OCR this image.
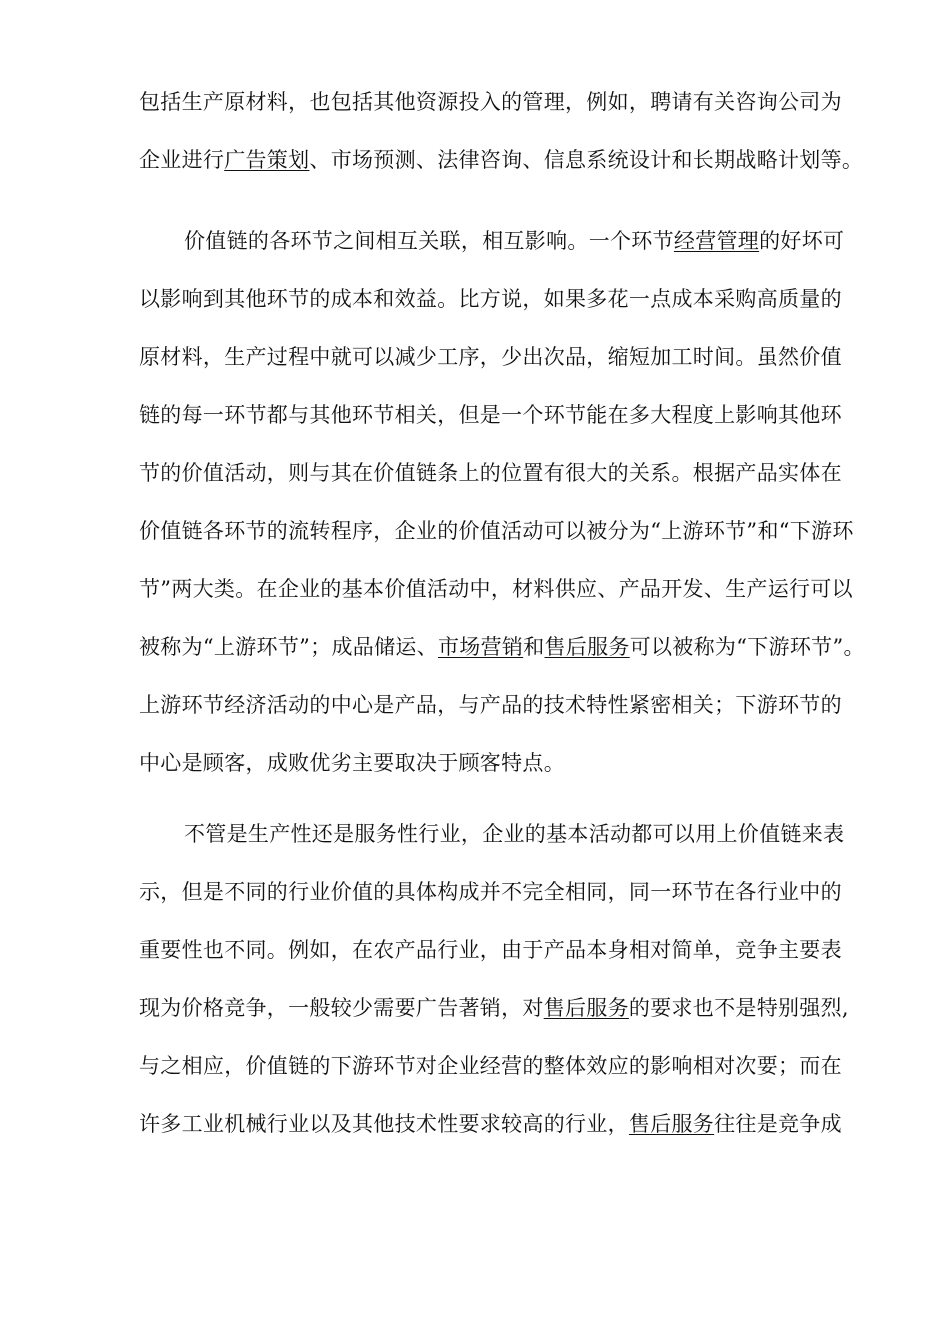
包括生产原材料，也包括其他资源投入的管理，例如，聘请有关咨询公司为
企业进行广告策划、市场预测、法律咨询、信息系统设计和长期战略计划等。
价值链的各环节之间相互关联，相互影响。一个环节经营管理的好坏可
以影响到其他环节的成本和效益。比方说，如果多花一点成本采购高质量的
原材料，生产过程中就可以减少工序，少出次品，缩短加工时间。虽然价值
链的每一环节都与其他环节相关，但是一个环节能在多大程度上影响其他环
节的价值活动，则与其在价值链条上的位置有很大的关系。根据产品实体在
价值链各环节的流转程序，企业的价值活动可以被分为“上游环节”和“下游环
节”两大类。在企业的基本价值活动中，材料供应、产品开发、生产运行可以
被称为“上游环节”；成品储运、市场营销和售后服务可以被称为“下游环节”。
上游环节经济活动的中心是产品，与产品的技术特性紧密相关；下游环节的
中心是顾客，成败优劣主要取决于顾客特点。
不管是生产性还是服务性行业，企业的基本活动都可以用上价值链来表
示，但是不同的行业价值的具体构成并不完全相同，同一环节在各行业中的
重要性也不同。例如，在农产品行业，由于产品本身相对简单，竞争主要表
现为价格竞争，一般较少需要广告著销，对售后服务的要求也不是特别强烈,
与之相应，价值链的下游环节对企业经营的整体效应的影响相对次要；而在
许多工业机械行业以及其他技术性要求较高的行业，售后服务往往是竞争成
